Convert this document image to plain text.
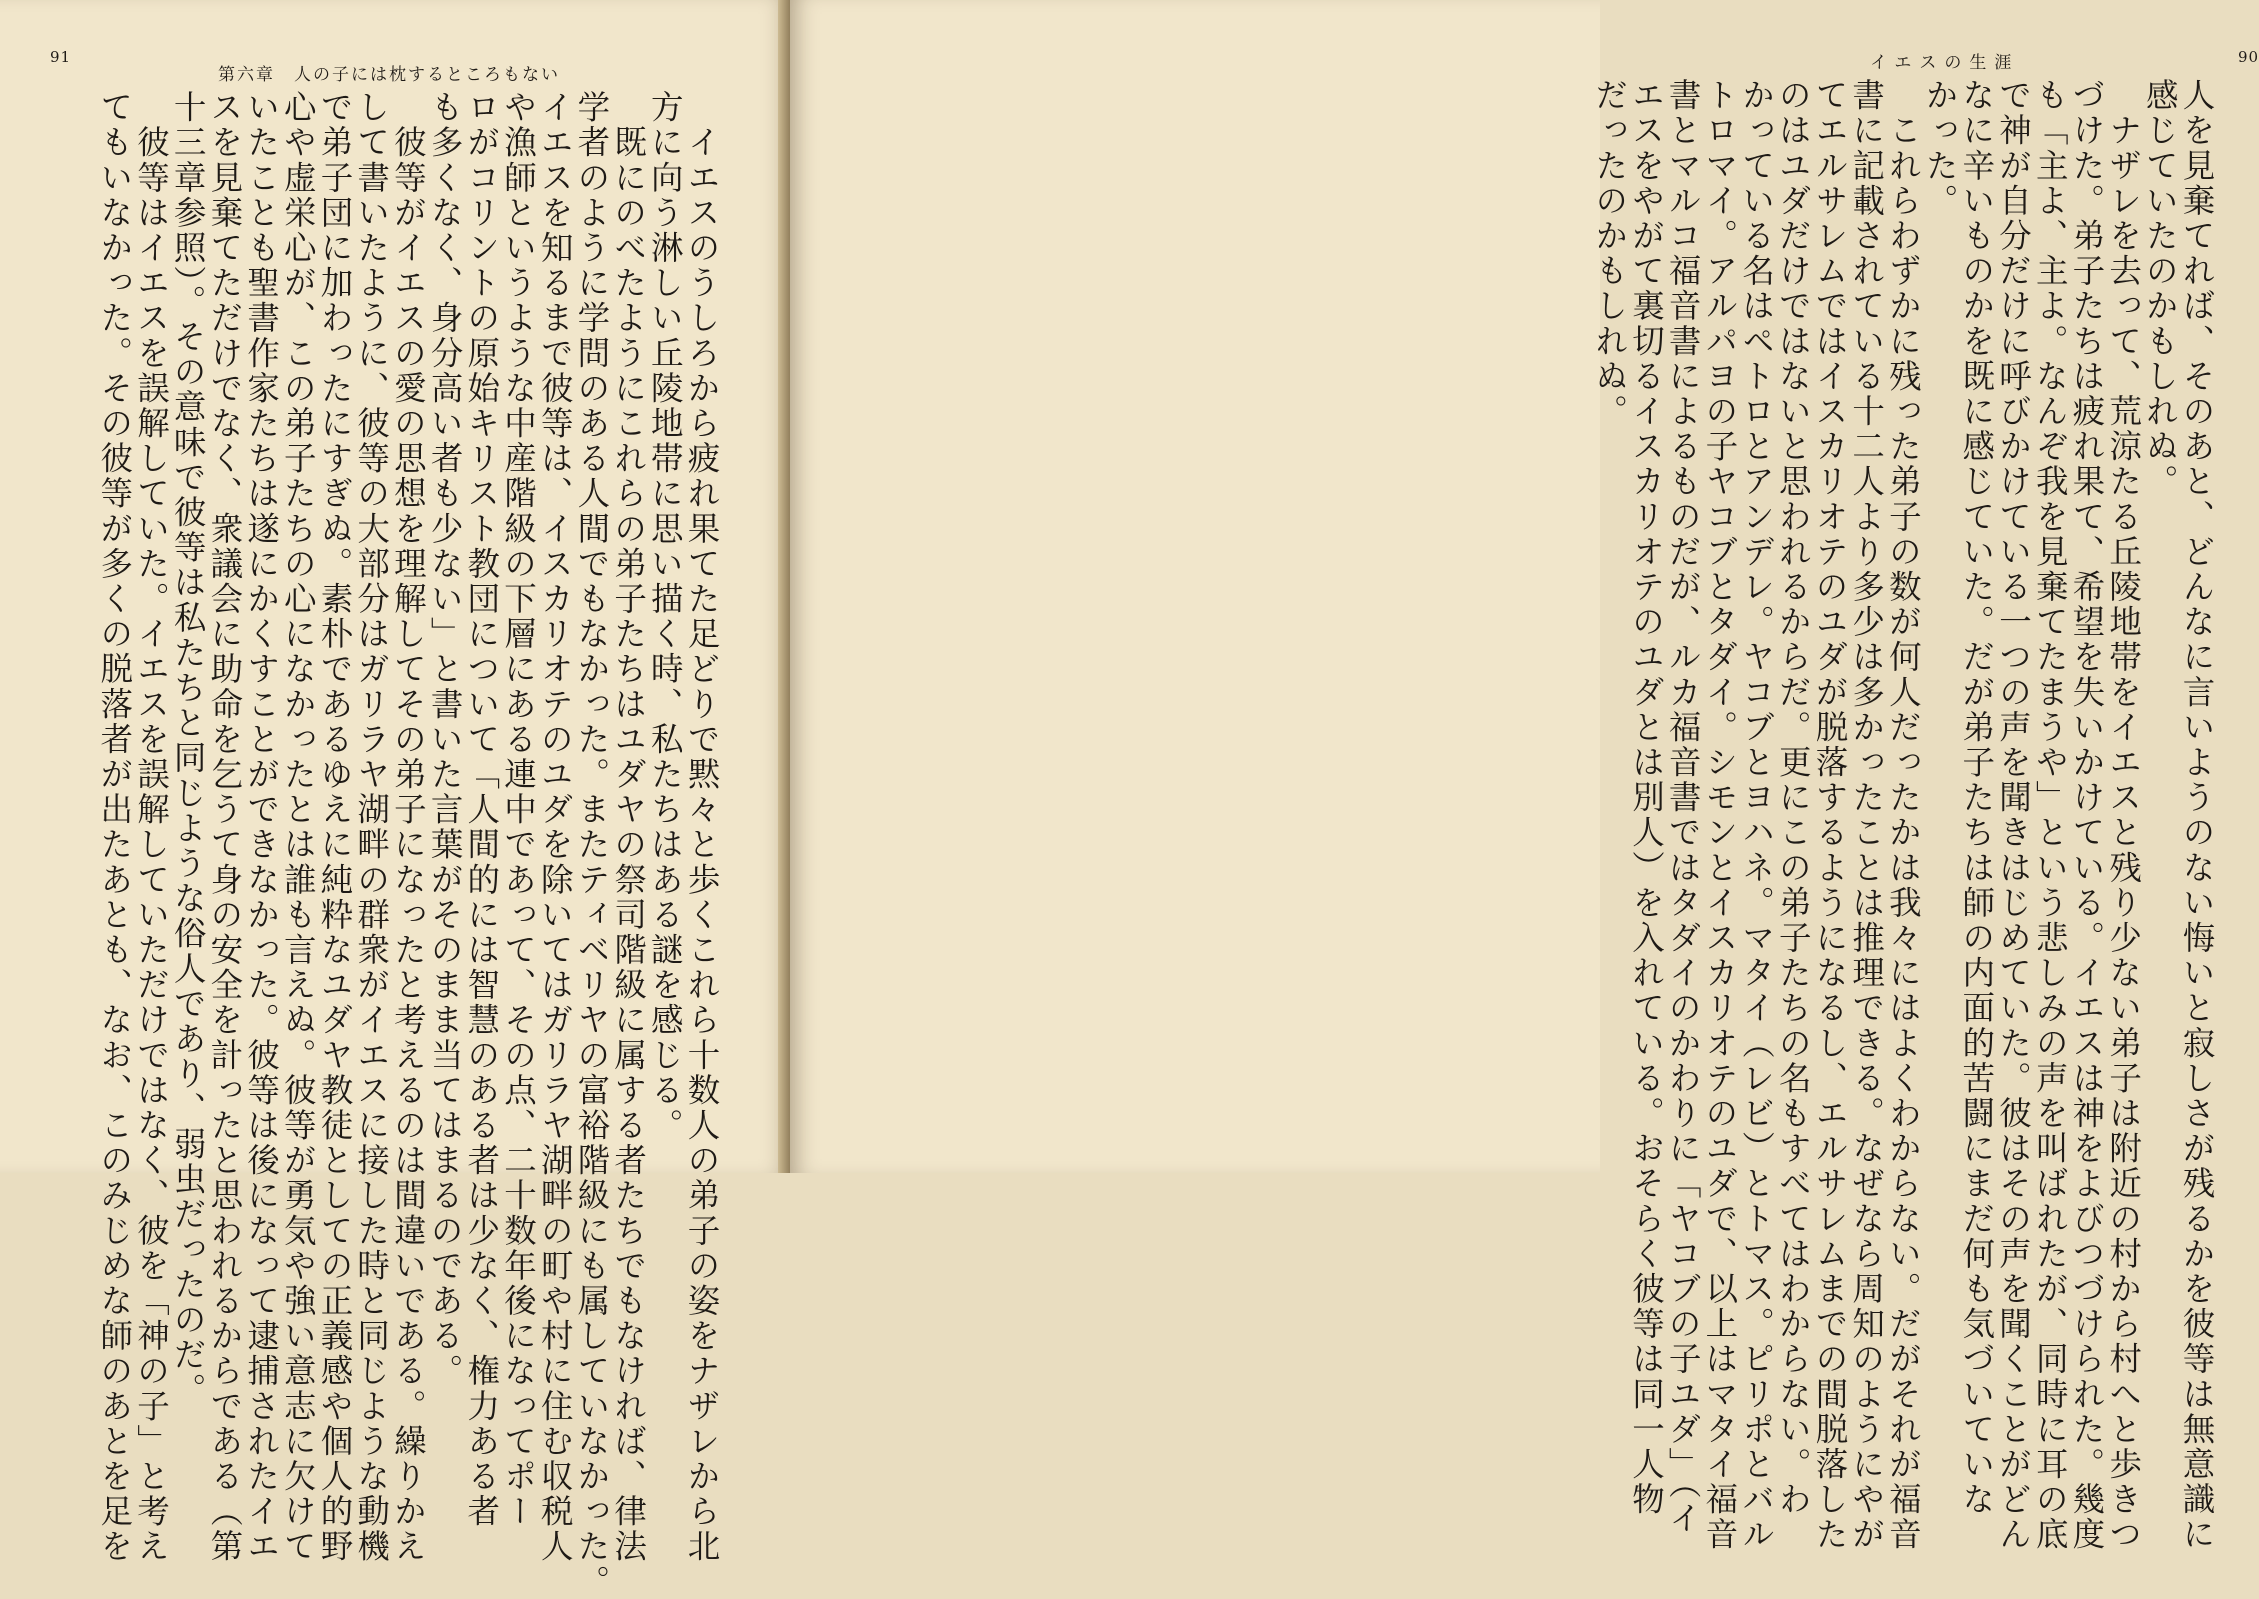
91
第六章　人の子には枕するところもない
　イエスのうしろから疲れ果てた足どりで黙々と歩くこれら十数人の弟子の姿をナザレから北
方に向う淋しい丘陵地帯に思い描く時、私たちはある謎を感じる。
　既にのべたようにこれらの弟子たちはユダヤの祭司階級に属する者たちでもなければ、律法
学者のように学問のある人間でもなかった。またティベリヤの富裕階級にも属していなかった。
イエスを知るまで彼等は、イスカリオテのユダを除いてはガリラヤ湖畔の町や村に住む収税人
や漁師というような中産階級の下層にある連中であって、その点、二十数年後になってポー
ロがコリントの原始キリスト教団について「人間的には智慧のある者は少なく、権力ある者
も多くなく、身分高い者も少ない」と書いた言葉がそのまま当てはまるのである。
　彼等がイエスの愛の思想を理解してその弟子になったと考えるのは間違いである。繰りかえ
して書いたように、彼等の大部分はガリラヤ湖畔の群衆がイエスに接した時と同じような動機
で弟子団に加わったにすぎぬ。素朴であるゆえに純粋なユダヤ教徒としての正義感や個人的野
心や虚栄心が、この弟子たちの心になかったとは誰も言えぬ。彼等が勇気や強い意志に欠けて
いたことも聖書作家たちは遂にかくすことができなかった。彼等は後になって逮捕されたイエ
スを見棄てただけでなく、衆議会に助命を乞うて身の安全を計ったと思われるからである（第
十三章参照）。その意味で彼等は私たちと同じような俗人であり、弱虫だったのだ。
　彼等はイエスを誤解していた。イエスを誤解していただけではなく、彼を「神の子」と考え
てもいなかった。その彼等が多くの脱落者が出たあとも、なお、このみじめな師のあとを足を
90
イエスの生涯
人を見棄てれば、そのあと、どんなに言いようのない悔いと寂しさが残るかを彼等は無意識に
感じていたのかもしれぬ。
　ナザレを去って、荒涼たる丘陵地帯をイエスと残り少ない弟子は附近の村から村へと歩きつ
づけた。弟子たちは疲れ果て、希望を失いかけている。イエスは神をよびつづけられた。幾度
も「主よ、主よ。なんぞ我を見棄てたまうや」という悲しみの声を叫ばれたが、同時に耳の底
で神が自分だけに呼びかけている一つの声を聞きはじめていた。彼はその声を聞くことがどん
なに辛いものかを既に感じていた。だが弟子たちは師の内面的苦闘にまだ何も気づいていな
かった。
　これらわずかに残った弟子の数が何人だったかは我々にはよくわからない。だがそれが福音
書に記載されている十二人より多少は多かったことは推理できる。なぜなら周知のようにやが
てエルサレムではイスカリオテのユダが脱落するようになるし、エルサレムまでの間脱落した
のはユダだけではないと思われるからだ。更にこの弟子たちの名もすべてはわからない。わ
かっている名はペトロとアンデレ。ヤコブとヨハネ。マタイ（レビ）とトマス。ピリポとバル
トロマイ。アルパヨの子ヤコブとタダイ。シモンとイスカリオテのユダで、以上はマタイ福音
書とマルコ福音書によるものだが、ルカ福音書ではタダイのかわりに「ヤコブの子ユダ」（イ
エスをやがて裏切るイスカリオテのユダとは別人）を入れている。おそらく彼等は同一人物
だったのかもしれぬ。
